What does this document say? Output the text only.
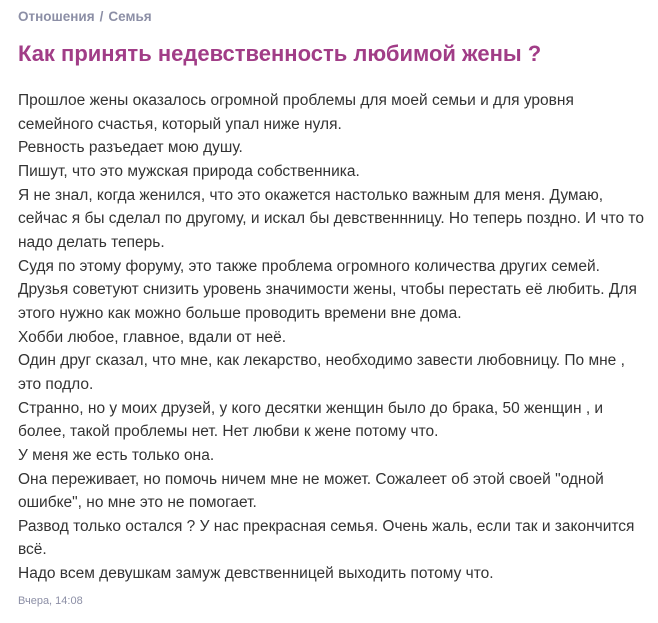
Отношения / Семья
Как принять недевственность любимой жены ?

Прошлое жены оказалось огромной проблемы для моей семьи и для уровня семейного счастья, который упал ниже нуля.

Ревность разъедает мою душу.

Пишут, что это мужская природа собственника.

Я не знал, когда женился, что это окажется настолько важным для меня. Думаю, сейчас я бы сделал по другому, и искал бы девственнницу. Но теперь поздно. И что то надо делать теперь.

Судя по этому форуму, это также проблема огромного количества других семей.

Друзья советуют снизить уровень значимости жены, чтобы перестать её любить. Для этого нужно как можно больше проводить времени вне дома.

Хобби любое, главное, вдали от неё.

Один друг сказал, что мне, как лекарство, необходимо завести любовницу. По мне , это подло.

Странно, но у моих друзей, у кого десятки женщин было до брака, 50 женщин , и более, такой проблемы нет. Нет любви к жене потому что.

У меня же есть только она.

Она переживает, но помочь ничем мне не может. Сожалеет об этой своей "одной ошибке", но мне это не помогает.

Развод только остался ? У нас прекрасная семья. Очень жаль, если так и закончится всё.

Надо всем девушкам замуж девственницей выходить потому что.

Вчера, 14:08
